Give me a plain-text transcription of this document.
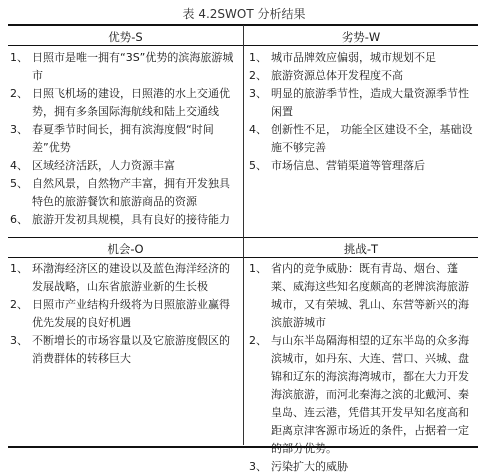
表 4.2SWOT 分析结果
优势-S	劣势-W
机会-O	挑战-T
1、 日照市是唯一拥有“3S”优势的滨海旅游城市
2、 日照飞机场的建设，日照港的水上交通优势，拥有多条国际海航线和陆上交通线
3、 春夏季节时间长，拥有滨海度假“时间差”优势
4、 区域经济活跃，人力资源丰富
5、 自然风景，自然物产丰富，拥有开发独具特色的旅游餐饮和旅游商品的资源
6、 旅游开发初具规模，具有良好的接待能力
1、 城市品牌效应偏弱，城市规划不足
2、 旅游资源总体开发程度不高
3、 明显的旅游季节性，造成大量资源季节性闲置
4、 创新性不足， 功能全区建设不全，基础设施不够完善
5、 市场信息、营销渠道等管理落后
1、 环渤海经济区的建设以及蓝色海洋经济的发展战略，山东省旅游业新的生长极
2、 日照市产业结构升级将为日照旅游业赢得优先发展的良好机遇
3、 不断增长的市场容量以及它旅游度假区的消费群体的转移巨大
1、 省内的竞争威胁：既有青岛、烟台、蓬莱、威海这些知名度颇高的老牌滨海旅游城市，又有荣城、乳山、东营等新兴的海滨旅游城市
2、 与山东半岛隔海相望的辽东半岛的众多海滨城市，如丹东、大连、营口、兴城、盘锦和辽东的海滨海湾城市，都在大力开发海滨旅游，而河北秦海之滨的北戴河、秦皇岛、连云港，凭借其开发早知名度高和距离京津客源市场近的条件，占据着一定的部分优势。
3、 污染扩大的威胁
